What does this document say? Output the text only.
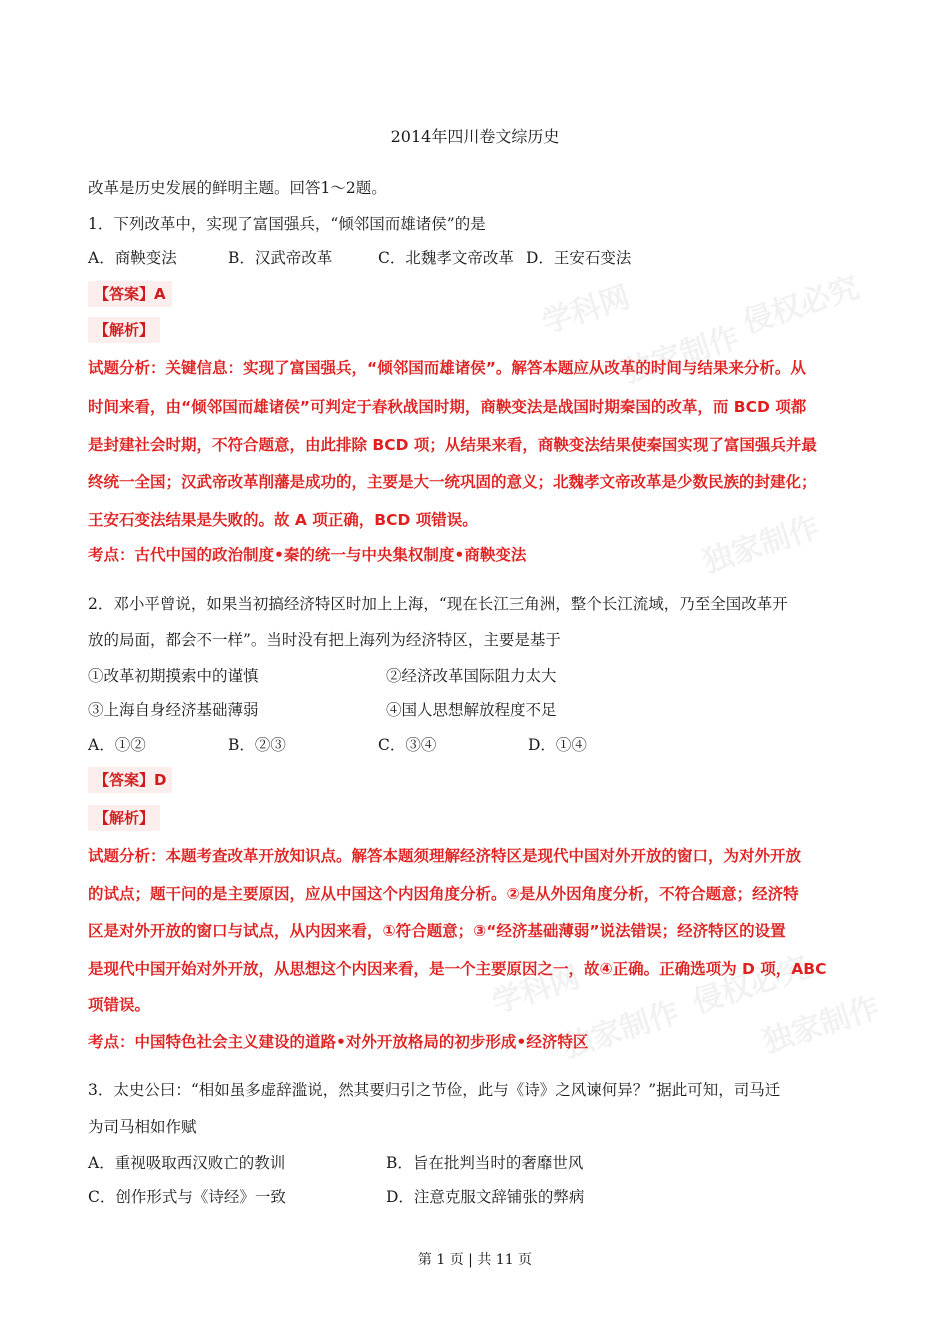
学科网	侵权必究
独家制作
独家制作
学科网	侵权必究
独家制作	独家制作
2014年四川卷文综历史
改革是历史发展的鲜明主题。回答1～2题。
1．下列改革中，实现了富国强兵，“倾邻国而雄诸侯”的是
A．商鞅变法	B．汉武帝改革	C．北魏孝文帝改革 D．王安石变法
【答案】A
【解析】
试题分析：关键信息：实现了富国强兵，“倾邻国而雄诸侯”。解答本题应从改革的时间与结果来分析。从
时间来看，由“倾邻国而雄诸侯”可判定于春秋战国时期，商鞅变法是战国时期秦国的改革，而 BCD 项都
是封建社会时期，不符合题意，由此排除 BCD 项；从结果来看，商鞅变法结果使秦国实现了富国强兵并最
终统一全国；汉武帝改革削藩是成功的，主要是大一统巩固的意义；北魏孝文帝改革是少数民族的封建化；
王安石变法结果是失败的。故 A 项正确，BCD 项错误。
考点：古代中国的政治制度•秦的统一与中央集权制度•商鞅变法
2．邓小平曾说，如果当初搞经济特区时加上上海，“现在长江三角洲，整个长江流域，乃至全国改革开
放的局面，都会不一样”。当时没有把上海列为经济特区，主要是基于
①改革初期摸索中的谨慎	②经济改革国际阻力太大
③上海自身经济基础薄弱	④国人思想解放程度不足
A．①②	B．②③	C．③④	D．①④
【答案】D
【解析】
试题分析：本题考查改革开放知识点。解答本题须理解经济特区是现代中国对外开放的窗口，为对外开放
的试点；题干问的是主要原因，应从中国这个内因角度分析。②是从外因角度分析，不符合题意；经济特
区是对外开放的窗口与试点，从内因来看，①符合题意；③“经济基础薄弱”说法错误；经济特区的设置
是现代中国开始对外开放，从思想这个内因来看，是一个主要原因之一，故④正确。正确选项为 D 项，ABC
项错误。
考点：中国特色社会主义建设的道路•对外开放格局的初步形成•经济特区
3．太史公曰：“相如虽多虚辞滥说，然其要归引之节俭，此与《诗》之风谏何异？”据此可知，司马迁
为司马相如作赋
A．重视吸取西汉败亡的教训	B．旨在批判当时的奢靡世风
C．创作形式与《诗经》一致	D．注意克服文辞铺张的弊病
第 1 页 | 共 11 页
